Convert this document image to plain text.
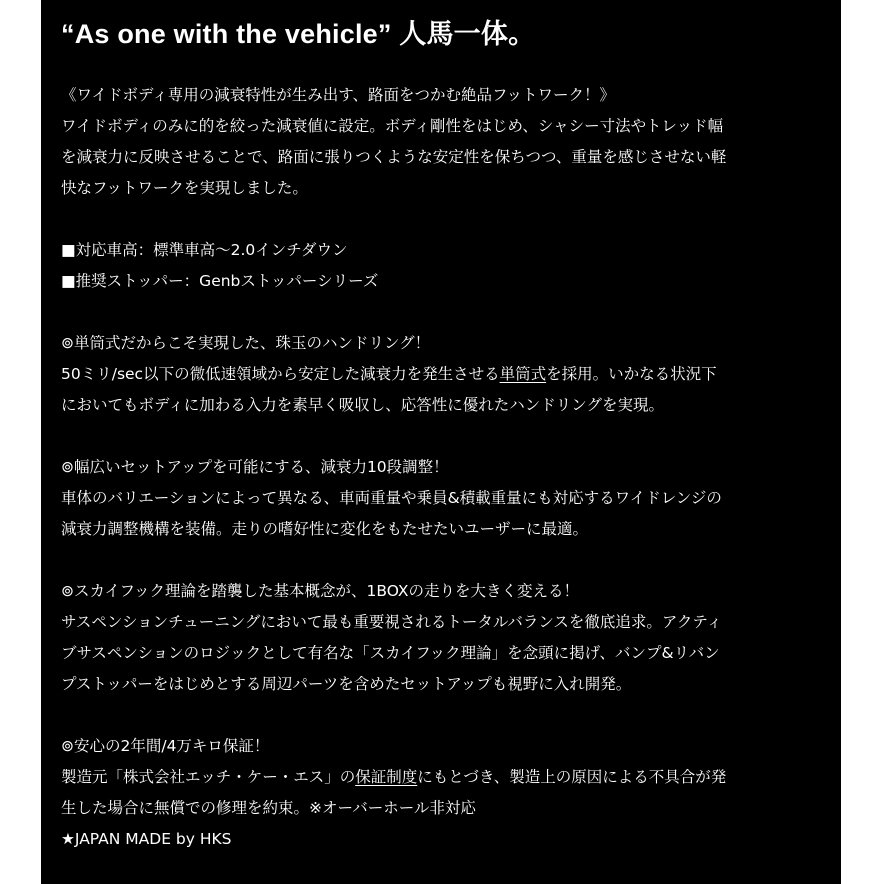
“As one with the vehicle” 人馬一体。
《ワイドボディ専用の減衰特性が生み出す、路面をつかむ絶品フットワーク！》
ワイドボディのみに的を絞った減衰値に設定。ボディ剛性をはじめ、シャシー寸法やトレッド幅
を減衰力に反映させることで、路面に張りつくような安定性を保ちつつ、重量を感じさせない軽
快なフットワークを実現しました。
■対応車高：標準車高〜2.0インチダウン
■推奨ストッパー：Genbストッパーシリーズ
⊚単筒式だからこそ実現した、珠玉のハンドリング！
50ミリ/sec以下の微低速領域から安定した減衰力を発生させる単筒式を採用。いかなる状況下
においてもボディに加わる入力を素早く吸収し、応答性に優れたハンドリングを実現。
⊚幅広いセットアップを可能にする、減衰力10段調整！
車体のバリエーションによって異なる、車両重量や乗員&積載重量にも対応するワイドレンジの
減衰力調整機構を装備。走りの嗜好性に変化をもたせたいユーザーに最適。
⊚スカイフック理論を踏襲した基本概念が、1BOXの走りを大きく変える！
サスペンションチューニングにおいて最も重要視されるトータルバランスを徹底追求。アクティ
ブサスペンションのロジックとして有名な「スカイフック理論」を念頭に掲げ、バンプ&リバン
プストッパーをはじめとする周辺パーツを含めたセットアップも視野に入れ開発。
⊚安心の2年間/4万キロ保証！
製造元「株式会社エッチ・ケー・エス」の保証制度にもとづき、製造上の原因による不具合が発
生した場合に無償での修理を約束。※オーバーホール非対応
★JAPAN MADE by HKS
